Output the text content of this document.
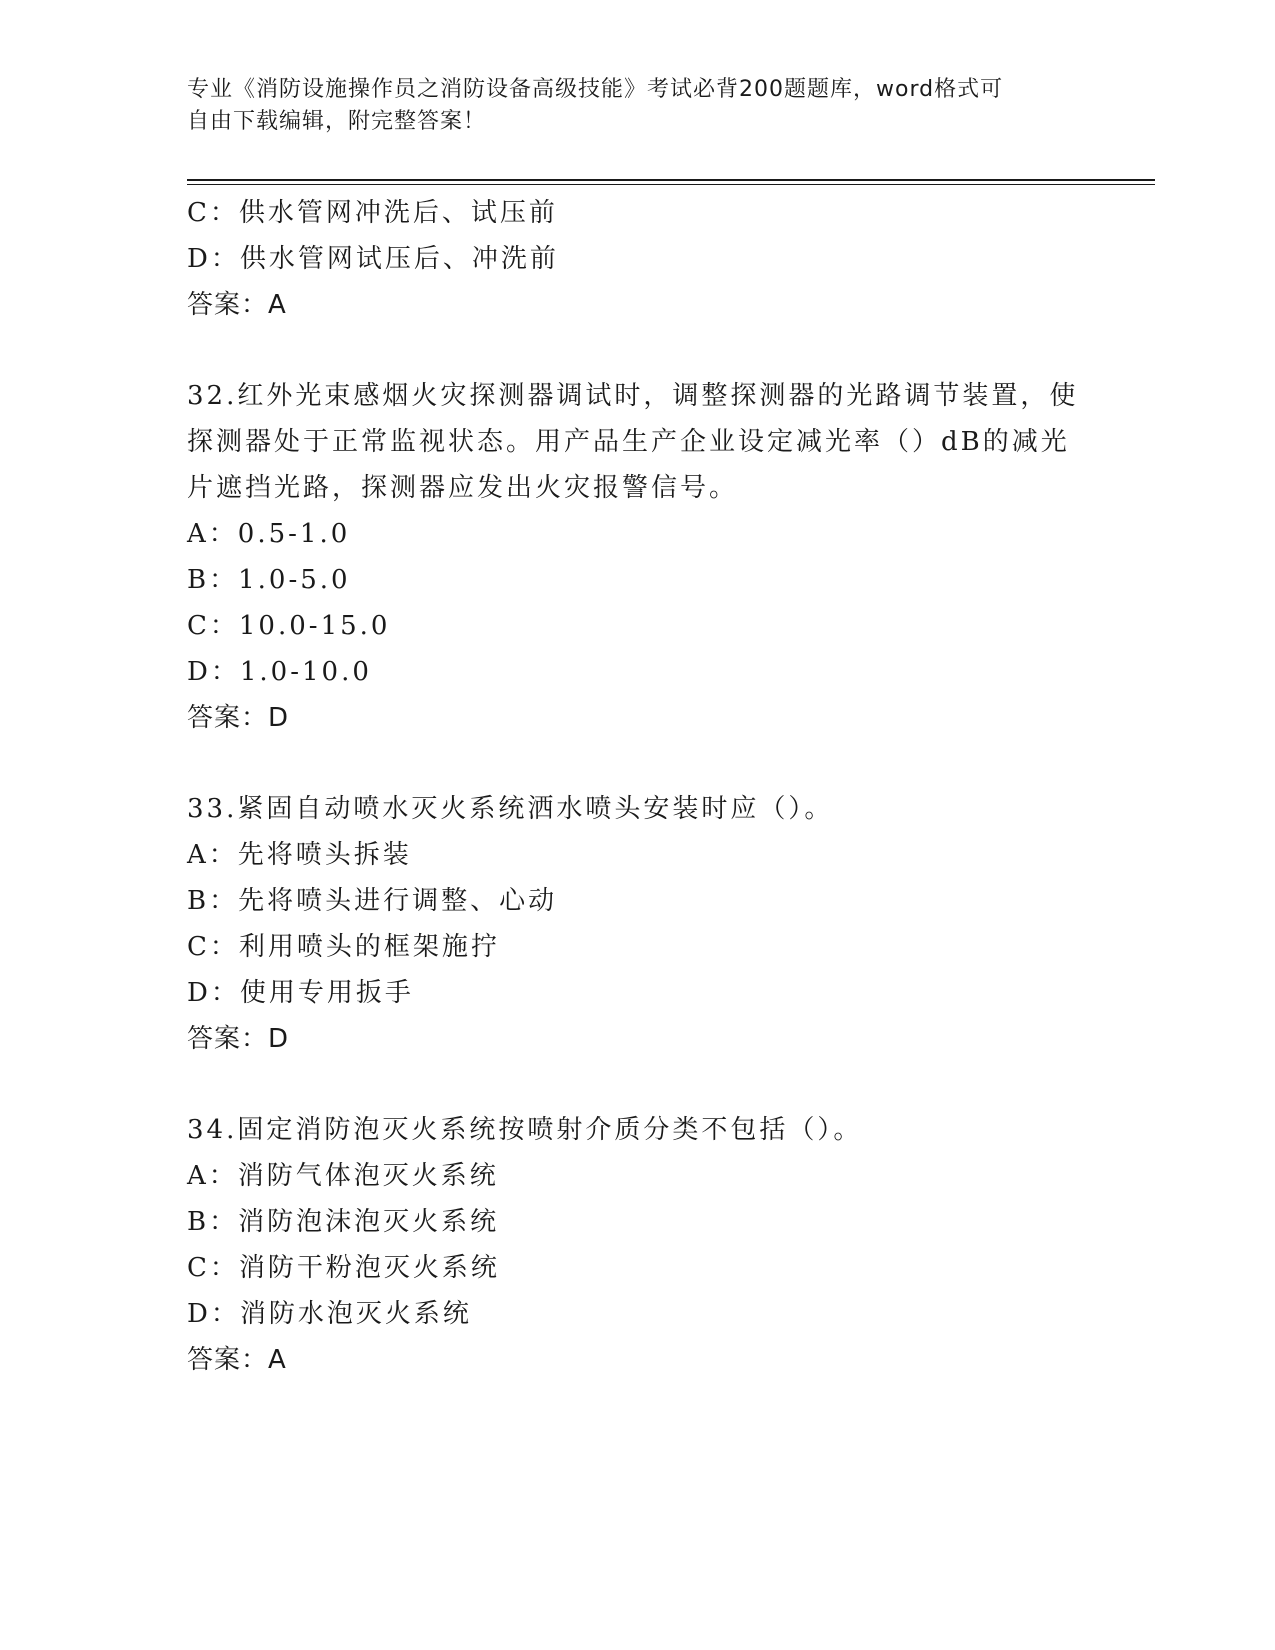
专业《消防设施操作员之消防设备高级技能》考试必背200题题库，word格式可
自由下载编辑，附完整答案！
C：供水管网冲洗后、试压前
D：供水管网试压后、冲洗前
答案：A
32.红外光束感烟火灾探测器调试时，调整探测器的光路调节装置，使
探测器处于正常监视状态。用产品生产企业设定减光率（）dB的减光
片遮挡光路，探测器应发出火灾报警信号。
A：0.5-1.0
B：1.0-5.0
C：10.0-15.0
D：1.0-10.0
答案：D
33.紧固自动喷水灭火系统洒水喷头安装时应（）。
A：先将喷头拆装
B：先将喷头进行调整、心动
C：利用喷头的框架施拧
D：使用专用扳手
答案：D
34.固定消防泡灭火系统按喷射介质分类不包括（）。
A：消防气体泡灭火系统
B：消防泡沫泡灭火系统
C：消防干粉泡灭火系统
D：消防水泡灭火系统
答案：A
